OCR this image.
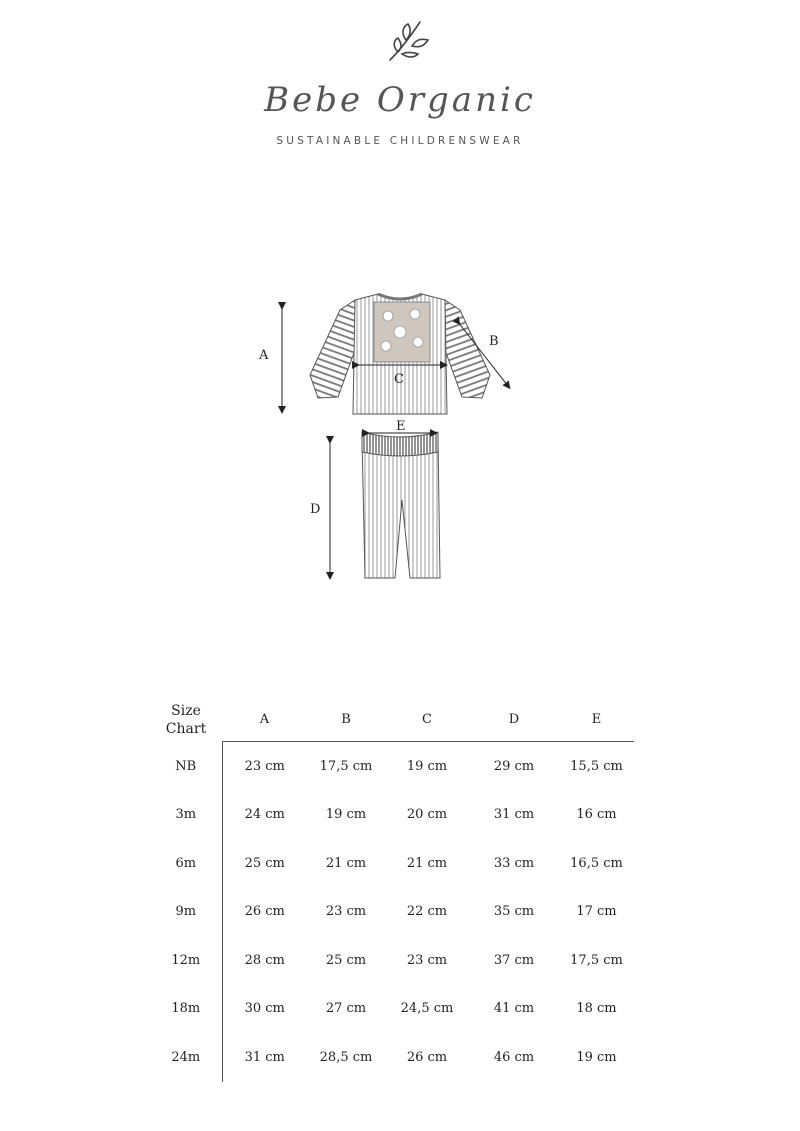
Bebe Organic
SUSTAINABLE CHILDRENSWEAR
A
B
C
D
E
Size
Chart	A	B	C	D	E
NB	23 cm	17,5 cm	19 cm	29 cm	15,5 cm
3m	24 cm	19 cm	20 cm	31 cm	16 cm
6m	25 cm	21 cm	21 cm	33 cm	16,5 cm
9m	26 cm	23 cm	22 cm	35 cm	17 cm
12m	28 cm	25 cm	23 cm	37 cm	17,5 cm
18m	30 cm	27 cm	24,5 cm	41 cm	18 cm
24m	31 cm	28,5 cm	26 cm	46 cm	19 cm
